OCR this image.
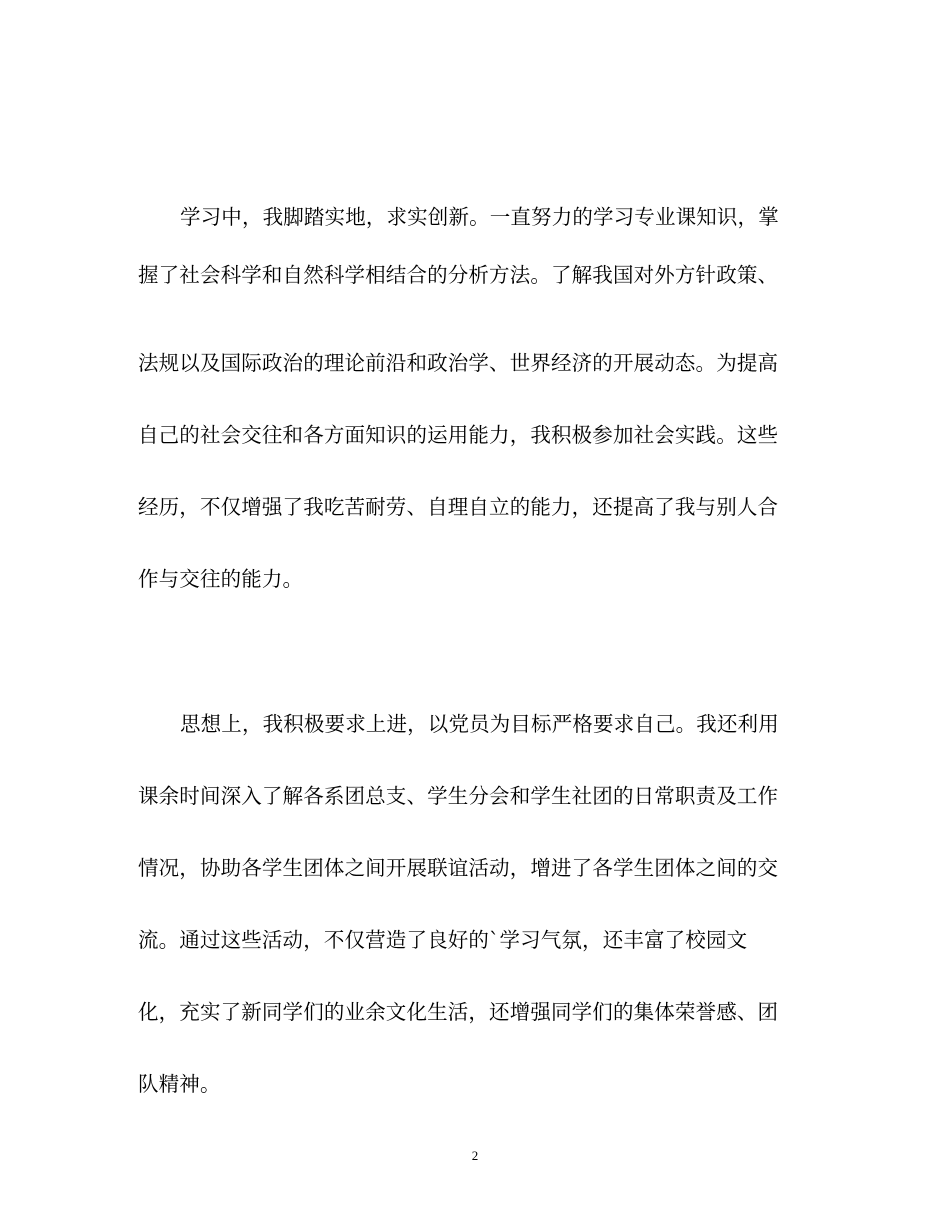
学习中，我脚踏实地，求实创新。一直努力的学习专业课知识，掌
握了社会科学和自然科学相结合的分析方法。了解我国对外方针政策、
法规以及国际政治的理论前沿和政治学、世界经济的开展动态。为提高
自己的社会交往和各方面知识的运用能力，我积极参加社会实践。这些
经历，不仅增强了我吃苦耐劳、自理自立的能力，还提高了我与别人合
作与交往的能力。
思想上，我积极要求上进，以党员为目标严格要求自己。我还利用
课余时间深入了解各系团总支、学生分会和学生社团的日常职责及工作
情况，协助各学生团体之间开展联谊活动，增进了各学生团体之间的交
流。通过这些活动，不仅营造了良好的`学习气氛，还丰富了校园文
化，充实了新同学们的业余文化生活，还增强同学们的集体荣誉感、团
队精神。
2
